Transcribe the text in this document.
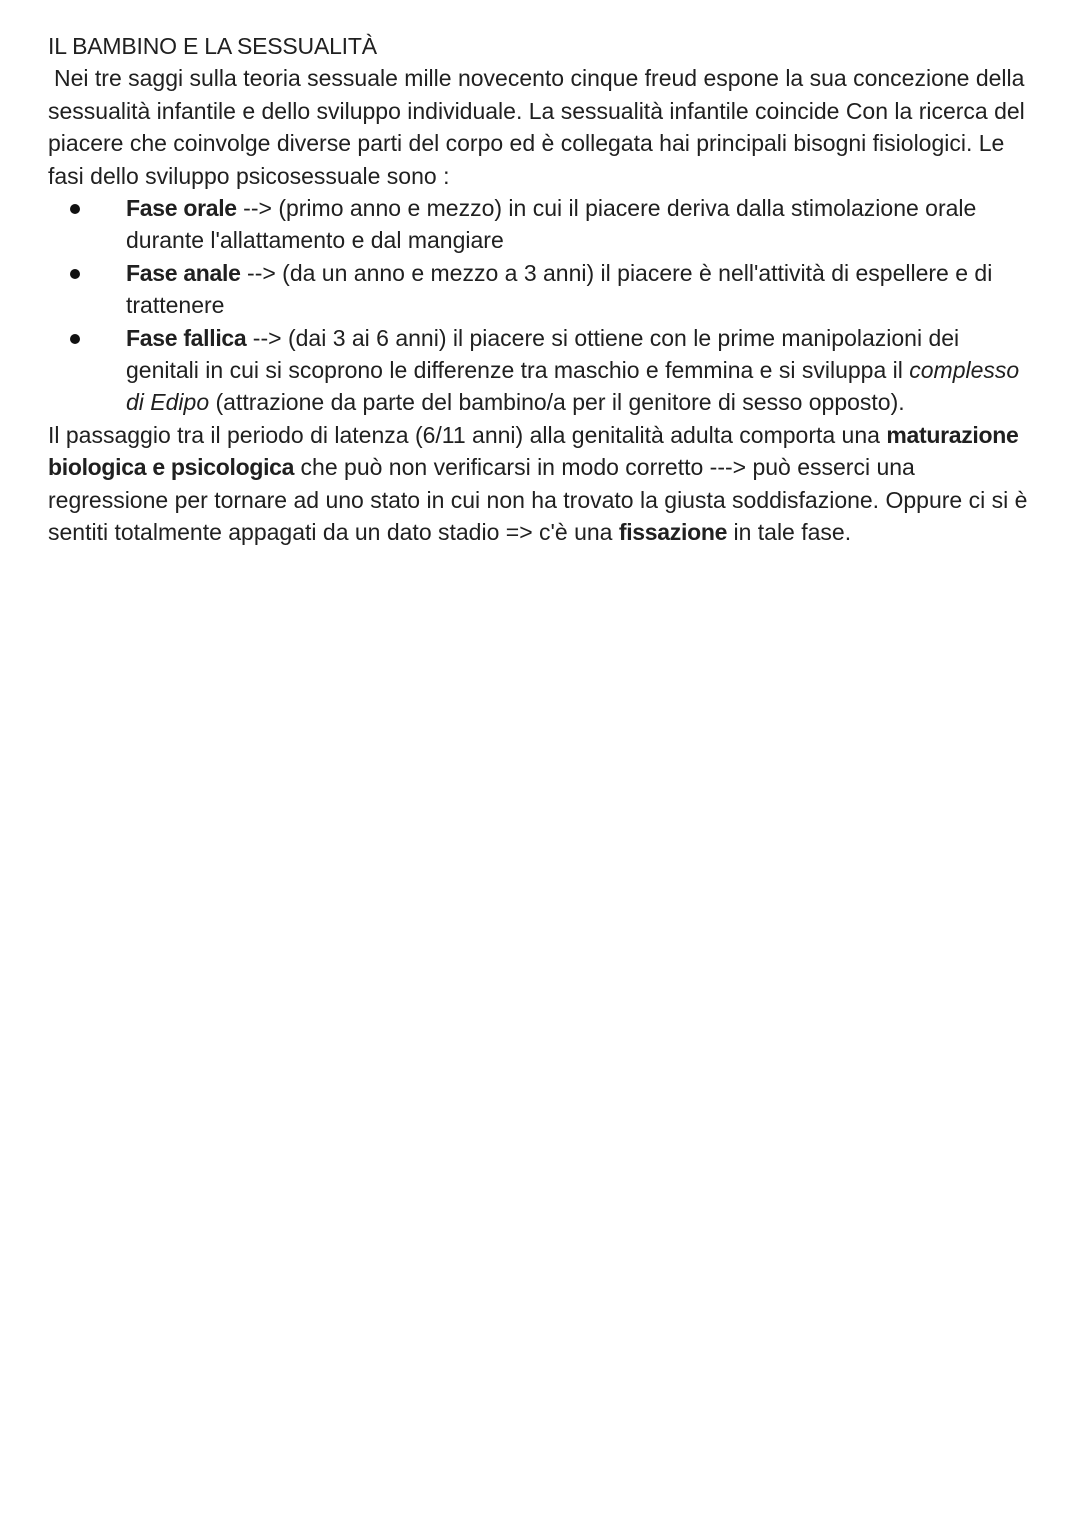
IL BAMBINO E LA SESSUALITÀ

Nei tre saggi sulla teoria sessuale mille novecento cinque freud espone la sua concezione della sessualità infantile e dello sviluppo individuale. La sessualità infantile coincide Con la ricerca del piacere che coinvolge diverse parti del corpo ed è collegata hai principali bisogni fisiologici. Le fasi dello sviluppo psicosessuale sono :

Fase orale --> (primo anno e mezzo) in cui il piacere deriva dalla stimolazione orale durante l'allattamento e dal mangiare
Fase anale --> (da un anno e mezzo a 3 anni) il piacere è nell'attività di espellere e di trattenere
Fase fallica --> (dai 3 ai 6 anni) il piacere si ottiene con le prime manipolazioni dei genitali in cui si scoprono le differenze tra maschio e femmina e si sviluppa il complesso di Edipo (attrazione da parte del bambino/a per il genitore di sesso opposto).

Il passaggio tra il periodo di latenza (6/11 anni) alla genitalità adulta comporta una maturazione biologica e psicologica che può non verificarsi in modo corretto ---> può esserci una regressione per tornare ad uno stato in cui non ha trovato la giusta soddisfazione. Oppure ci si è sentiti totalmente appagati da un dato stadio => c'è una fissazione in tale fase.
